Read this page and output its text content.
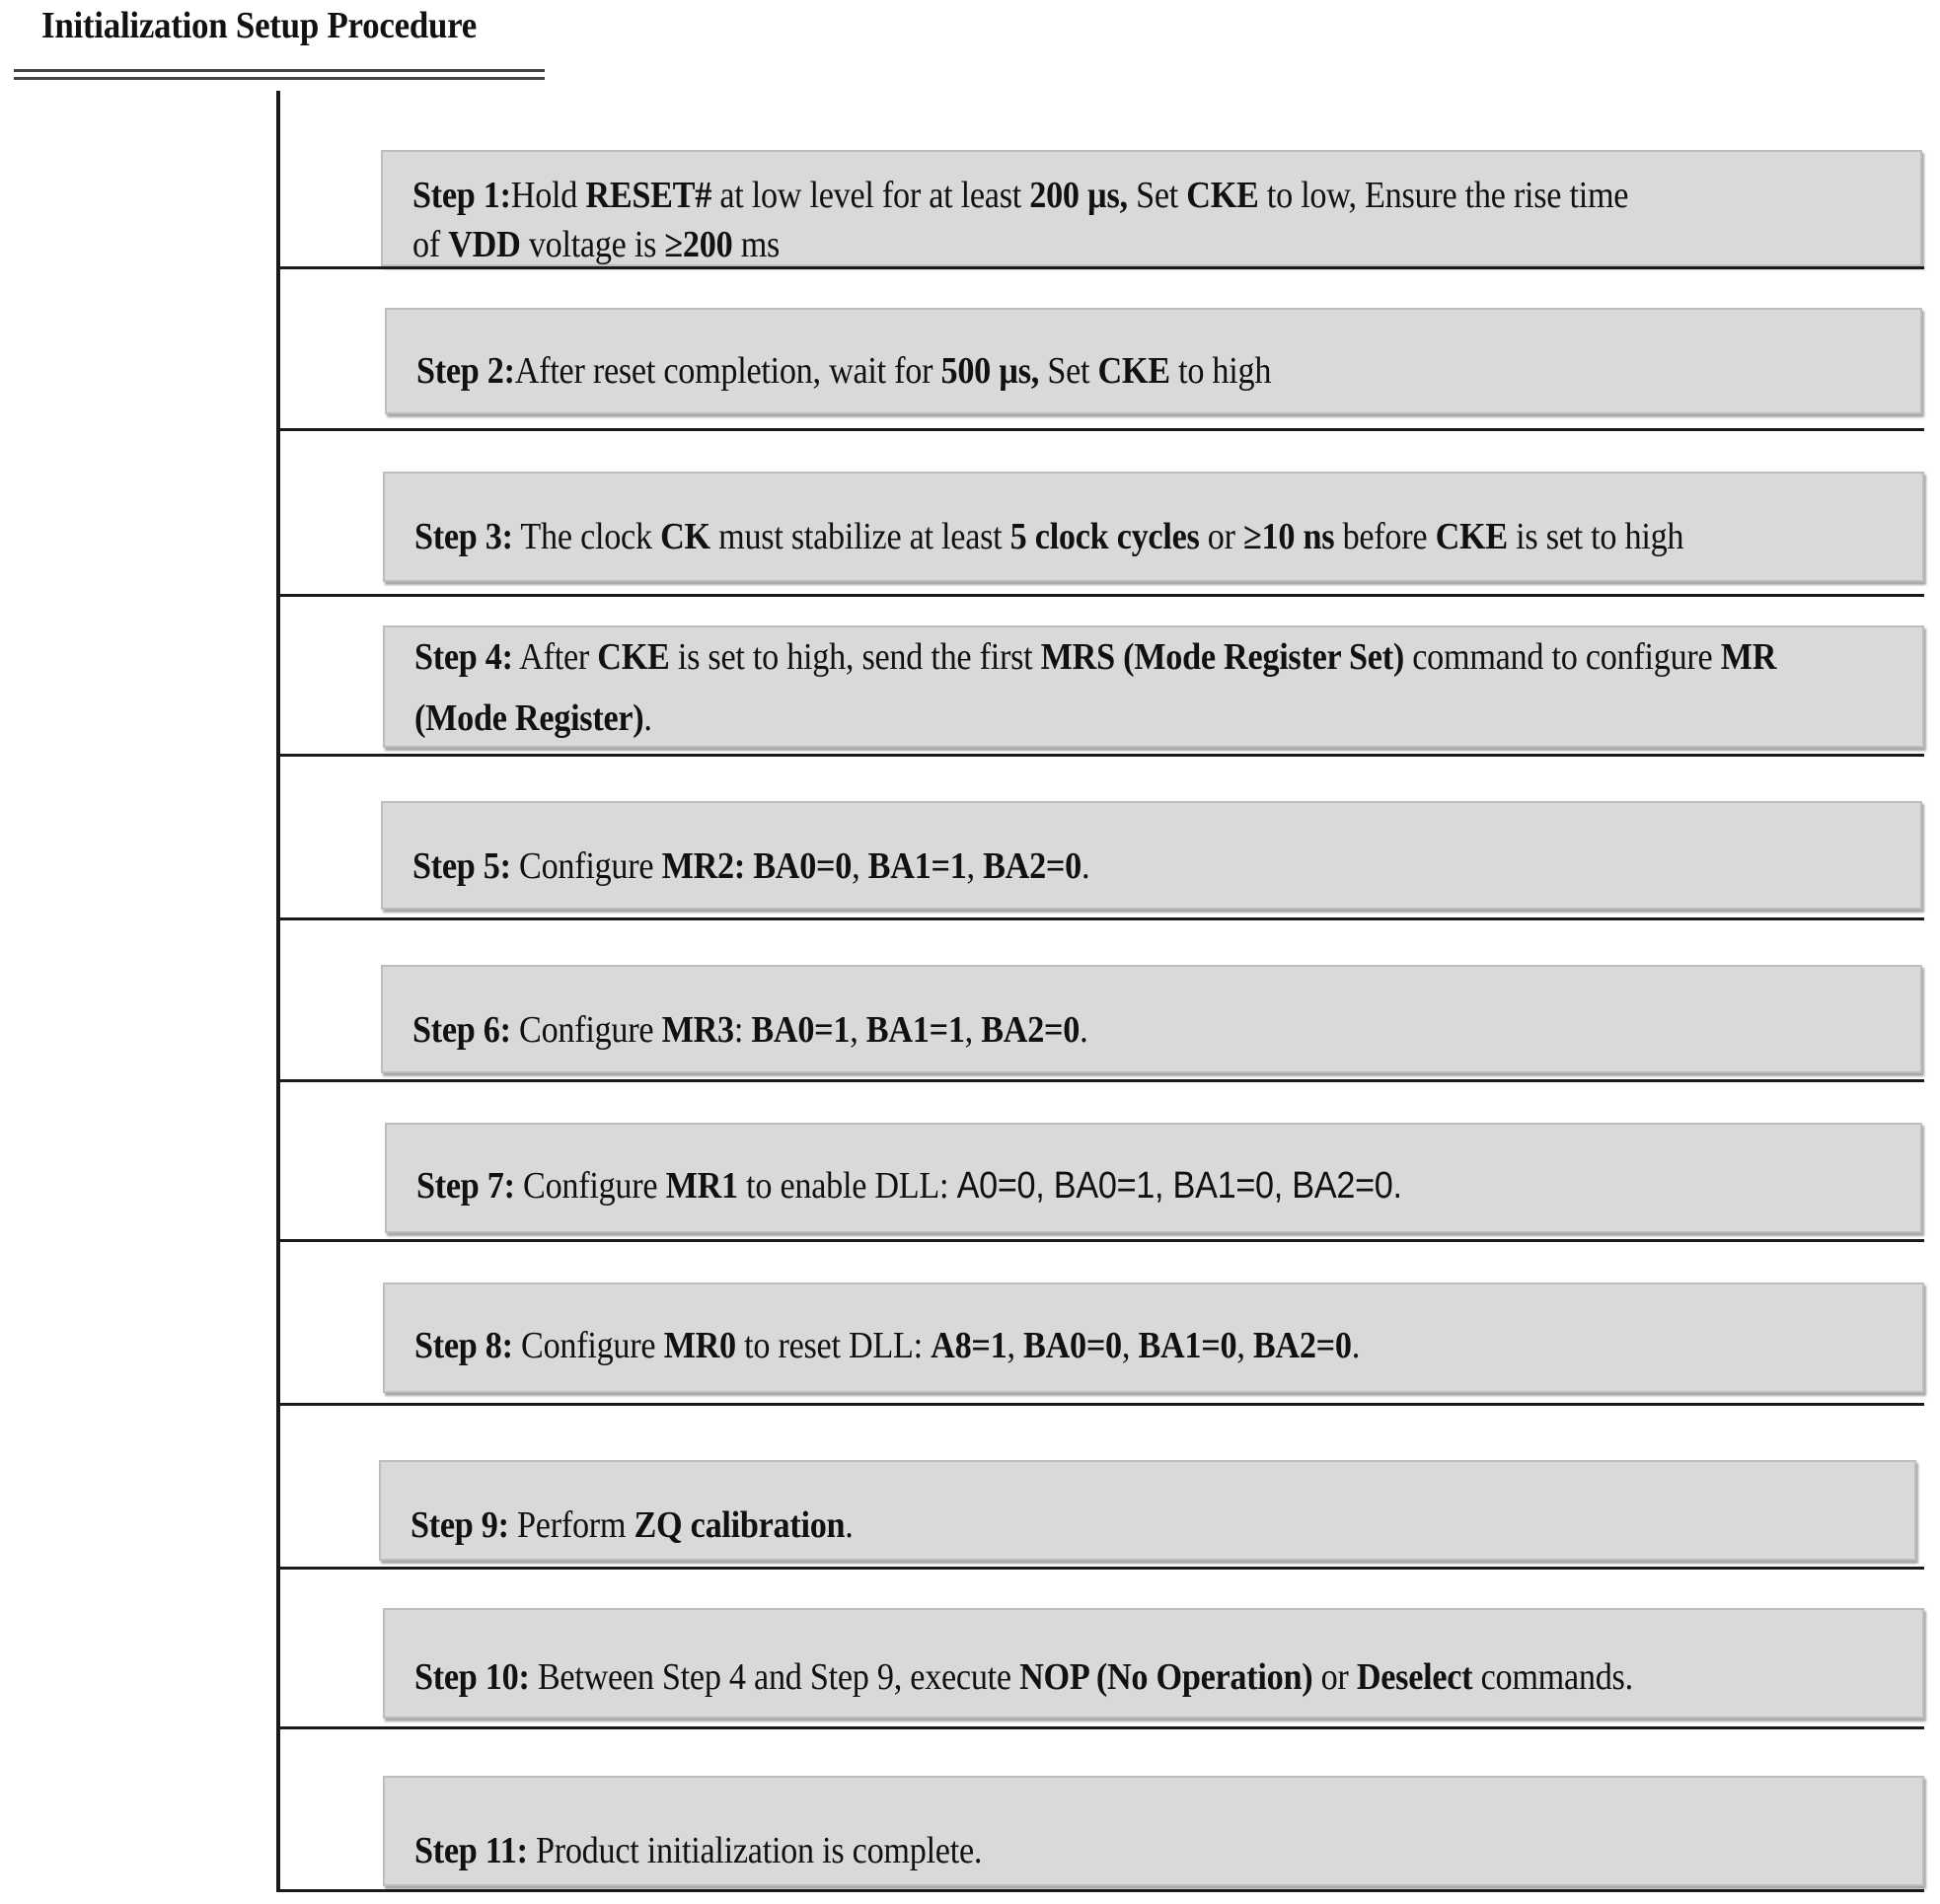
Initialization Setup Procedure
Step 1:Hold RESET# at low level for at least 200 µs, Set CKE to low, Ensure the rise time
of VDD voltage is ≥200 ms
Step 2:After reset completion, wait for 500 µs, Set CKE to high
Step 3: The clock CK must stabilize at least 5 clock cycles or ≥10 ns before CKE is set to high
Step 4: After CKE is set to high, send the first MRS (Mode Register Set) command to configure MR
(Mode Register).
Step 5: Configure MR2: BA0=0, BA1=1, BA2=0.
Step 6: Configure MR3: BA0=1, BA1=1, BA2=0.
Step 7: Configure MR1 to enable DLL: A0=0, BA0=1, BA1=0, BA2=0.
Step 8: Configure MR0 to reset DLL: A8=1, BA0=0, BA1=0, BA2=0.
Step 9: Perform ZQ calibration.
Step 10: Between Step 4 and Step 9, execute NOP (No Operation) or Deselect commands.
Step 11: Product initialization is complete.
